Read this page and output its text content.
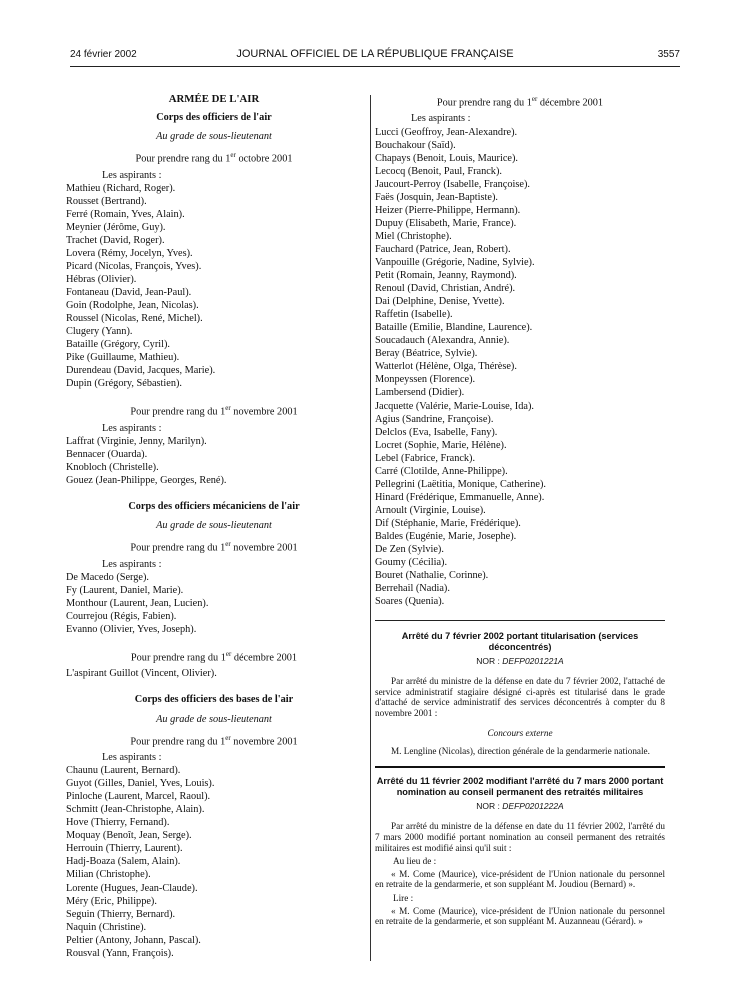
24 février 2002	JOURNAL OFFICIEL DE LA RÉPUBLIQUE FRANÇAISE	3557
ARMÉE DE L'AIR
Corps des officiers de l'air
Au grade de sous-lieutenant
Pour prendre rang du 1er octobre 2001
Les aspirants :
Mathieu (Richard, Roger).
Rousset (Bertrand).
Ferré (Romain, Yves, Alain).
Meynier (Jérôme, Guy).
Trachet (David, Roger).
Lovera (Rémy, Jocelyn, Yves).
Picard (Nicolas, François, Yves).
Hébras (Olivier).
Fontaneau (David, Jean-Paul).
Goin (Rodolphe, Jean, Nicolas).
Roussel (Nicolas, René, Michel).
Clugery (Yann).
Bataille (Grégory, Cyril).
Pike (Guillaume, Mathieu).
Durendeau (David, Jacques, Marie).
Dupin (Grégory, Sébastien).
Pour prendre rang du 1er novembre 2001
Les aspirants :
Laffrat (Virginie, Jenny, Marilyn).
Bennacer (Ouarda).
Knobloch (Christelle).
Gouez (Jean-Philippe, Georges, René).
Corps des officiers mécaniciens de l'air
Au grade de sous-lieutenant
Pour prendre rang du 1er novembre 2001
Les aspirants :
De Macedo (Serge).
Fy (Laurent, Daniel, Marie).
Monthour (Laurent, Jean, Lucien).
Courrejou (Régis, Fabien).
Evanno (Olivier, Yves, Joseph).
Pour prendre rang du 1er décembre 2001
L'aspirant Guillot (Vincent, Olivier).
Corps des officiers des bases de l'air
Au grade de sous-lieutenant
Pour prendre rang du 1er novembre 2001
Les aspirants :
Chaunu (Laurent, Bernard).
Guyot (Gilles, Daniel, Yves, Louis).
Pinloche (Laurent, Marcel, Raoul).
Schmitt (Jean-Christophe, Alain).
Hove (Thierry, Fernand).
Moquay (Benoît, Jean, Serge).
Herrouin (Thierry, Laurent).
Hadj-Boaza (Salem, Alain).
Milian (Christophe).
Lorente (Hugues, Jean-Claude).
Méry (Eric, Philippe).
Seguin (Thierry, Bernard).
Naquin (Christine).
Peltier (Antony, Johann, Pascal).
Rousval (Yann, François).
Pour prendre rang du 1er décembre 2001
Les aspirants :
Lucci (Geoffroy, Jean-Alexandre).
Bouchakour (Saïd).
Chapays (Benoit, Louis, Maurice).
Lecocq (Benoit, Paul, Franck).
Jaucourt-Perroy (Isabelle, Françoise).
Faës (Josquin, Jean-Baptiste).
Heizer (Pierre-Philippe, Hermann).
Dupuy (Elisabeth, Marie, France).
Miel (Christophe).
Fauchard (Patrice, Jean, Robert).
Vanpouille (Grégorie, Nadine, Sylvie).
Petit (Romain, Jeanny, Raymond).
Renoul (David, Christian, André).
Dai (Delphine, Denise, Yvette).
Raffetin (Isabelle).
Bataille (Emilie, Blandine, Laurence).
Soucadauch (Alexandra, Annie).
Beray (Béatrice, Sylvie).
Watterlot (Hélène, Olga, Thérèse).
Monpeyssen (Florence).
Lambersend (Didier).
Jacquette (Valérie, Marie-Louise, Ida).
Agius (Sandrine, Françoise).
Delclos (Eva, Isabelle, Fany).
Locret (Sophie, Marie, Hélène).
Lebel (Fabrice, Franck).
Carré (Clotilde, Anne-Philippe).
Pellegrini (Laëtitia, Monique, Catherine).
Hinard (Frédérique, Emmanuelle, Anne).
Arnoult (Virginie, Louise).
Dif (Stéphanie, Marie, Frédérique).
Baldes (Eugénie, Marie, Josephe).
De Zen (Sylvie).
Goumy (Cécilia).
Bouret (Nathalie, Corinne).
Berrehail (Nadia).
Soares (Quenia).
Arrêté du 7 février 2002 portant titularisation (services déconcentrés)
NOR : DEFP0201221A

Par arrêté du ministre de la défense en date du 7 février 2002, l'attaché de service administratif stagiaire désigné ci-après est titularisé dans le grade d'attaché de service administratif des services déconcentrés à compter du 8 novembre 2001 :

Concours externe

M. Lengline (Nicolas), direction générale de la gendarmerie nationale.

Arrêté du 11 février 2002 modifiant l'arrêté du 7 mars 2000 portant nomination au conseil permanent des retraités militaires
NOR : DEFP0201222A

Par arrêté du ministre de la défense en date du 11 février 2002, l'arrêté du 7 mars 2000 modifié portant nomination au conseil permanent des retraités militaires est modifié ainsi qu'il suit :

Au lieu de :

« M. Come (Maurice), vice-président de l'Union nationale du personnel en retraite de la gendarmerie, et son suppléant M. Joudiou (Bernard) ».

Lire :

« M. Come (Maurice), vice-président de l'Union nationale du personnel en retraite de la gendarmerie, et son suppléant M. Auzanneau (Gérard). »
